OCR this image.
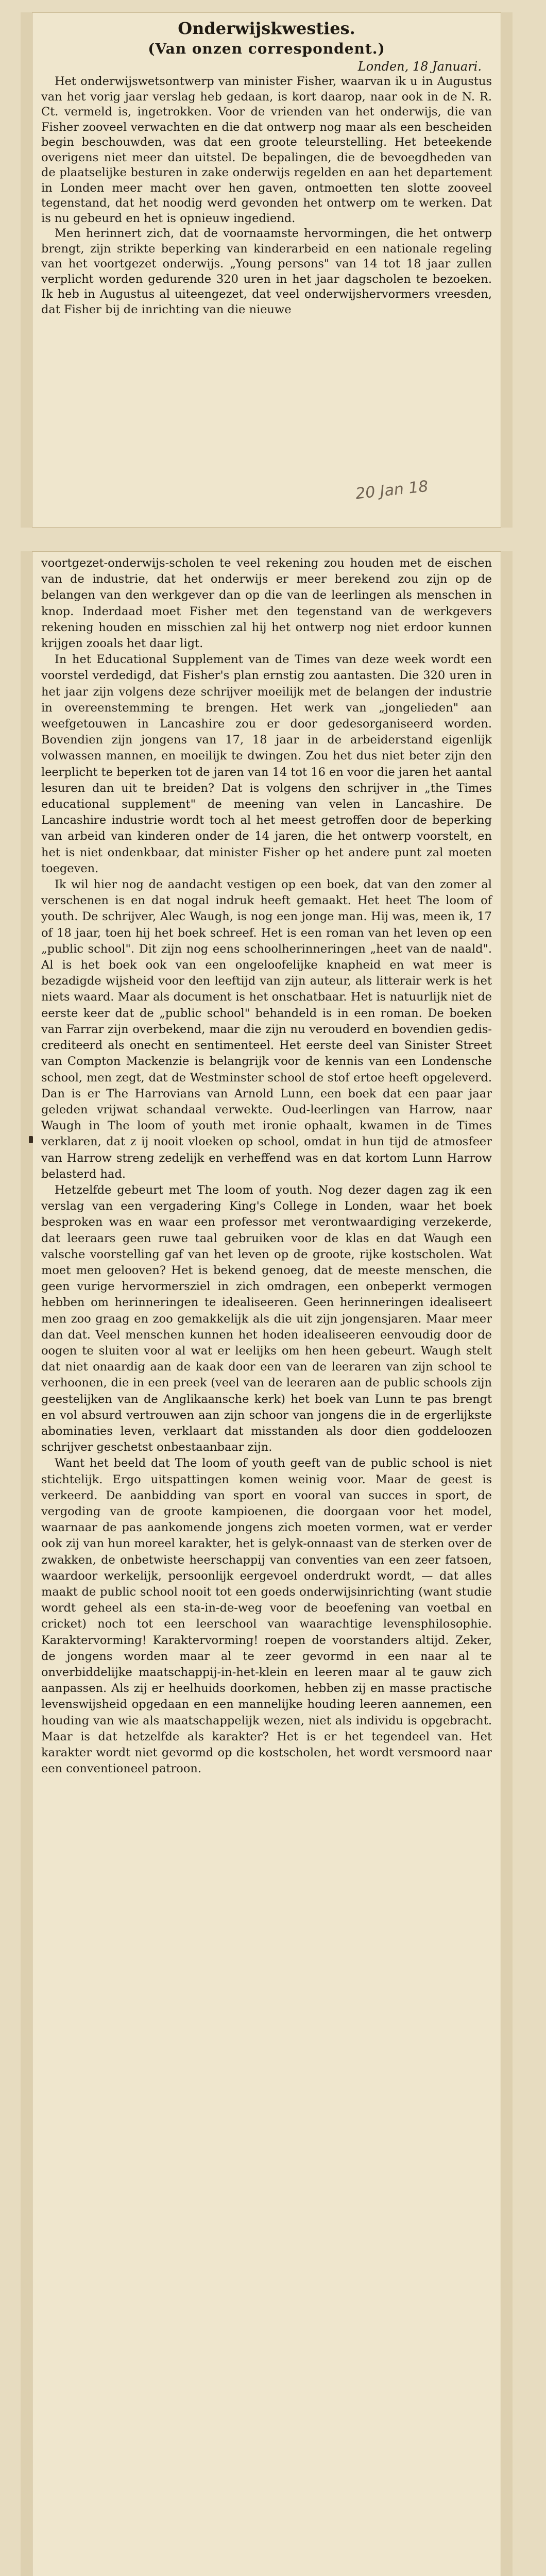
Onderwijskwesties.
(Van onzen correspondent.)
Londen, 18 Januari.

Het onderwijswetsontwerp van minister Fisher, waarvan ik u in Augustus van het vorig jaar verslag heb gedaan, is kort daarop, naar ook in de N. R. Ct. vermeld is, ingetrokken. Voor de vrienden van het onderwijs, die van Fisher zooveel verwachten en die dat ontwerp nog maar als een bescheiden begin beschouwden, was dat een groote teleurstelling. Het beteekende overigens niet meer dan uitstel. De bepalingen, die de bevoegdheden van de plaatselijke besturen in zake onderwijs regelden en aan het departement in Londen meer macht over hen gaven, ontmoetten ten slotte zooveel tegenstand, dat het noodig werd gevonden het ontwerp om te werken. Dat is nu gebeurd en het is opnieuw ingediend.

Men herinnert zich, dat de voornaamste hervormingen, die het ontwerp brengt, zijn strikte beperking van kinderarbeid en een nationale regeling van het voortgezet onderwijs. „Young persons" van 14 tot 18 jaar zullen verplicht worden gedurende 320 uren in het jaar dagscholen te bezoeken. Ik heb in Augustus al uiteengezet, dat veel onderwijshervormers vreesden, dat Fisher bij de inrichting van die nieuwe

20 Jan 18

voortgezet-onderwijs-scholen te veel rekening zou houden met de eischen van de industrie, dat het onderwijs er meer berekend zou zijn op de belangen van den werkgever dan op die van de leerlingen als menschen in knop. Inderdaad moet Fisher met den tegenstand van de werkgevers rekening houden en misschien zal hij het ontwerp nog niet erdoor kunnen krijgen zooals het daar ligt.

In het Educational Supplement van de Times van deze week wordt een voorstel verdedigd, dat Fisher's plan ernstig zou aantasten. Die 320 uren in het jaar zijn volgens deze schrijver moeilijk met de belangen der industrie in overeenstemming te brengen. Het werk van „jongelieden" aan weefgetouwen in Lancashire zou er door gedesorganiseerd worden. Bovendien zijn jongens van 17, 18 jaar in de arbeiderstand eigenlijk volwassen mannen, en moeilijk te dwingen. Zou het dus niet beter zijn den leerplicht te beperken tot de jaren van 14 tot 16 en voor die jaren het aantal lesuren dan uit te breiden? Dat is volgens den schrijver in „the Times educational supplement" de meening van velen in Lancashire. De Lancashire industrie wordt toch al het meest getroffen door de beperking van arbeid van kinderen onder de 14 jaren, die het ontwerp voorstelt, en het is niet ondenkbaar, dat minister Fisher op het andere punt zal moeten toegeven.

Ik wil hier nog de aandacht vestigen op een boek, dat van den zomer al verschenen is en dat nogal indruk heeft gemaakt. Het heet The loom of youth. De schrijver, Alec Waugh, is nog een jonge man. Hij was, meen ik, 17 of 18 jaar, toen hij het boek schreef. Het is een roman van het leven op een „public school". Dit zijn nog eens schoolherinneringen „heet van de naald". Al is het boek ook van een ongeloofelijke knapheid en wat meer is bezadigde wijsheid voor den leeftijd van zijn auteur, als litterair werk is het niets waard. Maar als document is het onschatbaar. Het is natuurlijk niet de eerste keer dat de „public school" behandeld is in een roman. De boeken van Farrar zijn overbekend, maar die zijn nu verouderd en bovendien gediscrediteerd als onecht en sentimenteel. Het eerste deel van Sinister Street van Compton Mackenzie is belangrijk voor de kennis van een Londensche school, men zegt, dat de Westminster school de stof ertoe heeft opgeleverd. Dan is er The Harrovians van Arnold Lunn, een boek dat een paar jaar geleden vrijwat schandaal verwekte. Oud-leerlingen van Harrow, naar Waugh in The loom of youth met ironie ophaalt, kwamen in de Times verklaren, dat z ij nooit vloeken op school, omdat in hun tijd de atmosfeer van Harrow streng zedelijk en verheffend was en dat kortom Lunn Harrow belasterd had.

Hetzelfde gebeurt met The loom of youth. Nog dezer dagen zag ik een verslag van een vergadering King's College in Londen, waar het boek besproken was en waar een professor met verontwaardiging verzekerde, dat leeraars geen ruwe taal gebruiken voor de klas en dat Waugh een valsche voorstelling gaf van het leven op de groote, rijke kostscholen. Wat moet men gelooven? Het is bekend genoeg, dat de meeste menschen, die geen vurige hervormersziel in zich omdragen, een onbeperkt vermogen hebben om herinneringen te idealiseeren. Geen herinneringen idealiseert men zoo graag en zoo gemakkelijk als die uit zijn jongensjaren. Maar meer dan dat. Veel menschen kunnen het hoden idealiseeren eenvoudig door de oogen te sluiten voor al wat er leelijks om hen heen gebeurt. Waugh stelt dat niet onaardig aan de kaak door een van de leeraren van zijn school te verhoonen, die in een preek (veel van de leeraren aan de public schools zijn geestelijken van de Anglikaansche kerk) het boek van Lunn te pas brengt en vol absurd vertrouwen aan zijn schoor van jongens die in de ergerlijkste abominaties leven, verklaart dat misstanden als door dien goddeloozen schrijver geschetst onbestaanbaar zijn.

Want het beeld dat The loom of youth geeft van de public school is niet stichtelijk. Ergo uitspattingen komen weinig voor. Maar de geest is verkeerd. De aanbidding van sport en vooral van succes in sport, de vergoding van de groote kampioenen, die doorgaan voor het model, waarnaar de pas aankomende jongens zich moeten vormen, wat er verder ook zij van hun moreel karakter, het is gelyk-onnaast van de sterken over de zwakken, de onbetwiste heerschappij van conventies van een zeer fatsoen, waardoor werkelijk, persoonlijk eergevoel onderdrukt wordt, — dat alles maakt de public school nooit tot een goeds onderwijsinrichting (want studie wordt geheel als een sta-in-de-weg voor de beoefening van voetbal en cricket) noch tot een leerschool van waarachtige levensphilosophie. Karaktervorming! Karaktervorming! roepen de voorstanders altijd. Zeker, de jongens worden maar al te zeer gevormd in een naar al te onverbiddelijke maatschappij-in-het-klein en leeren maar al te gauw zich aanpassen. Als zij er heelhuids doorkomen, hebben zij en masse practische levenswijsheid opgedaan en een mannelijke houding leeren aannemen, een houding van wie als maatschappelijk wezen, niet als individu is opgebracht. Maar is dat hetzelfde als karakter? Het is er het tegendeel van. Het karakter wordt niet gevormd op die kostscholen, het wordt versmoord naar een conventioneel patroon.
